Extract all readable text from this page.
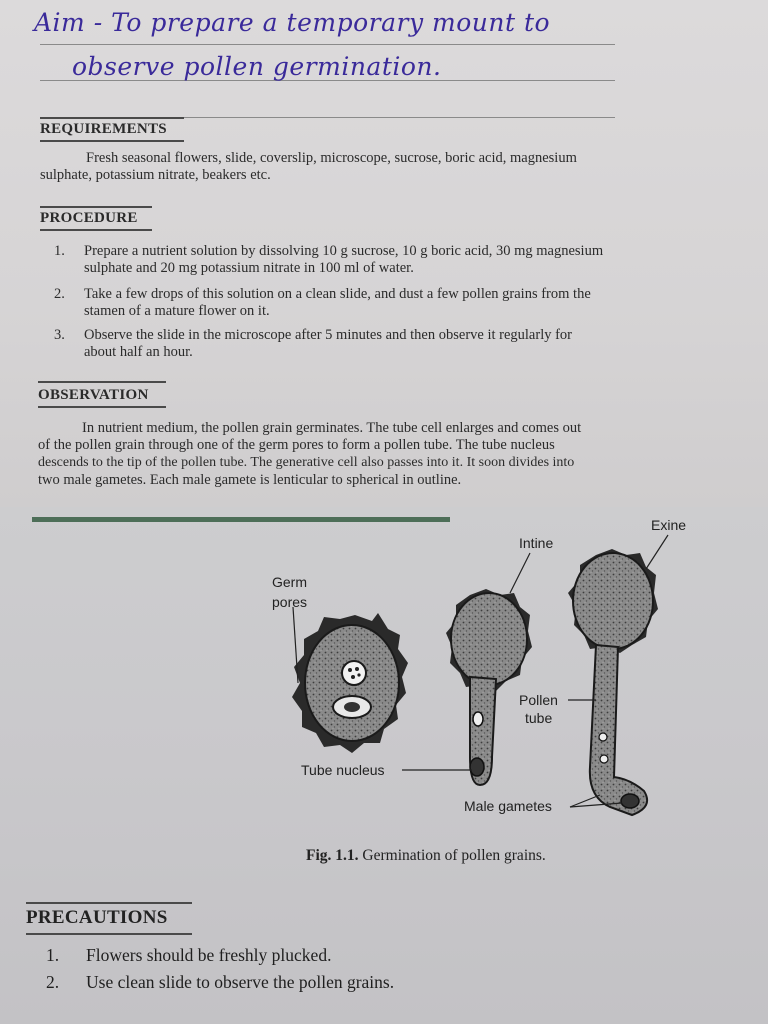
Aim - To prepare a temporary mount to
observe pollen germination.
REQUIREMENTS
Fresh seasonal flowers, slide, coverslip, microscope, sucrose, boric acid, magnesium
sulphate, potassium nitrate, beakers etc.
PROCEDURE
1. Prepare a nutrient solution by dissolving 10 g sucrose, 10 g boric acid, 30 mg magnesium
sulphate and 20 mg potassium nitrate in 100 ml of water.
2. Take a few drops of this solution on a clean slide, and dust a few pollen grains from the
stamen of a mature flower on it.
3. Observe the slide in the microscope after 5 minutes and then observe it regularly for
about half an hour.
OBSERVATION
In nutrient medium, the pollen grain germinates. The tube cell enlarges and comes out
of the pollen grain through one of the germ pores to form a pollen tube. The tube nucleus
descends to the tip of the pollen tube. The generative cell also passes into it. It soon divides into
two male gametes. Each male gamete is lenticular to spherical in outline.
Exine
Intine
Germ
pores
Pollen
tube
Tube nucleus
Male gametes
Fig. 1.1. Germination of pollen grains.
PRECAUTIONS
1. Flowers should be freshly plucked.
2. Use clean slide to observe the pollen grains.
